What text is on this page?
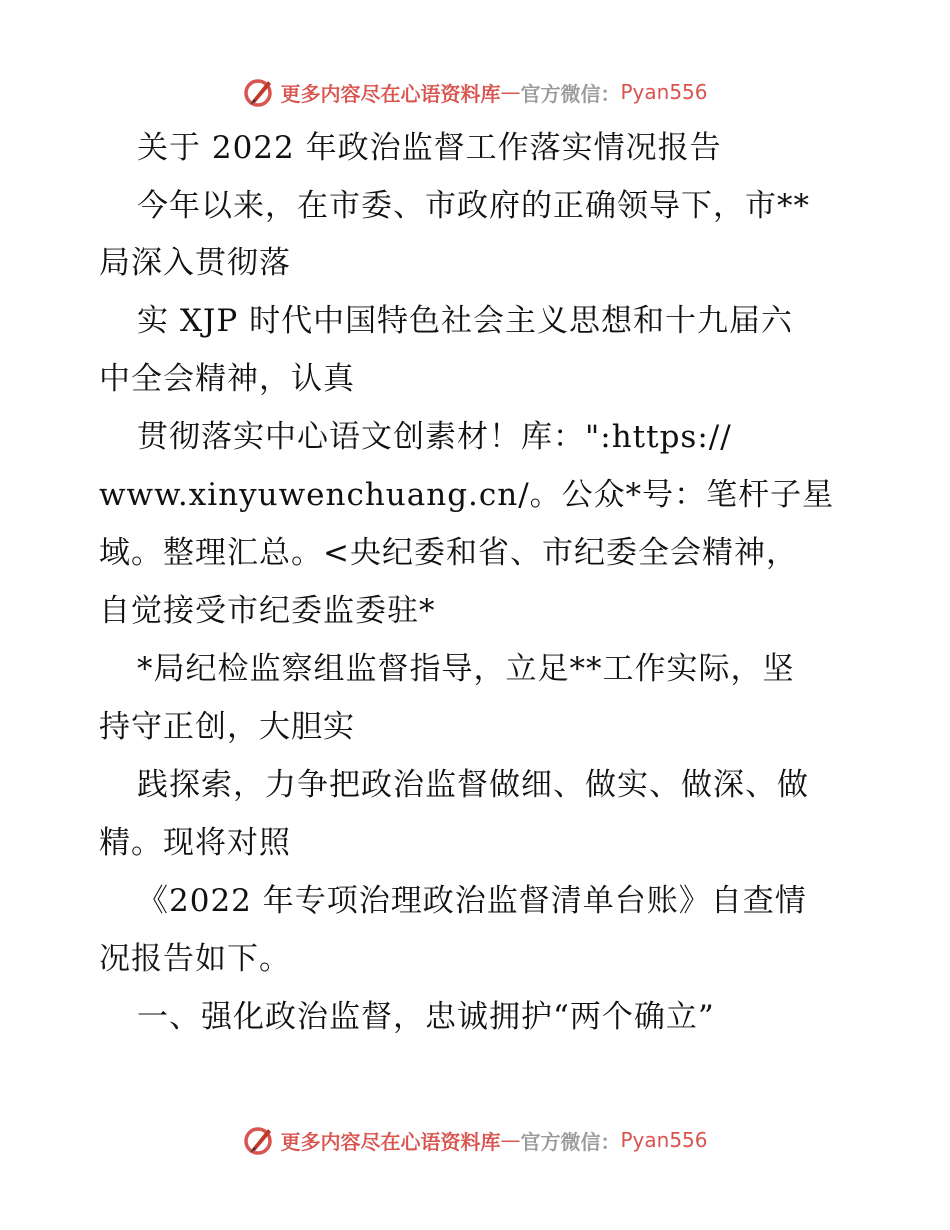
更多内容尽在心语资料库 — 官方微信： Pyan556
关于 2022 年政治监督工作落实情况报告
今年以来，在市委、市政府的正确领导下，市**
局深入贯彻落
实 XJP 时代中国特色社会主义思想和十九届六
中全会精神，认真
贯彻落实中心语文创素材！库：":https://
www.xinyuwenchuang.cn/。公众*号：笔杆子星
域。整理汇总。<央纪委和省、市纪委全会精神，
自觉接受市纪委监委驻*
*局纪检监察组监督指导，立足**工作实际，坚
持守正创，大胆实
践探索，力争把政治监督做细、做实、做深、做
精。现将对照
《2022 年专项治理政治监督清单台账》自查情
况报告如下。
一、强化政治监督，忠诚拥护“两个确立”
更多内容尽在心语资料库 — 官方微信： Pyan556
